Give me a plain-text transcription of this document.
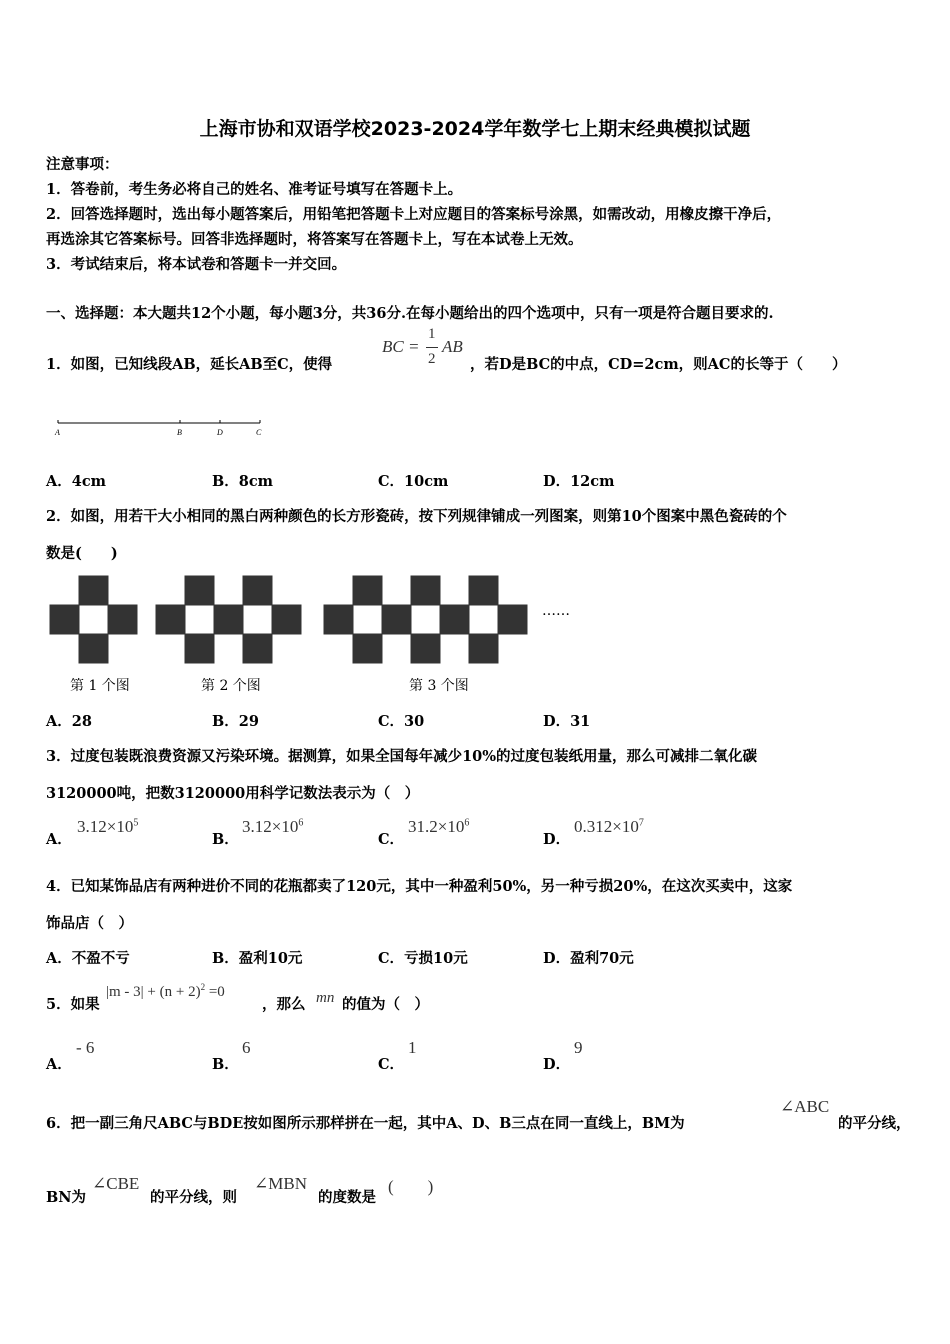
上海市协和双语学校2023-2024学年数学七上期末经典模拟试题
注意事项：
1．答卷前，考生务必将自己的姓名、准考证号填写在答题卡上。
2．回答选择题时，选出每小题答案后，用铅笔把答题卡上对应题目的答案标号涂黑，如需改动，用橡皮擦干净后，
再选涂其它答案标号。回答非选择题时，将答案写在答题卡上，写在本试卷上无效。
3．考试结束后，将本试卷和答题卡一并交回。
一、选择题：本大题共12个小题，每小题3分，共36分.在每小题给出的四个选项中，只有一项是符合题目要求的.
1．如图，已知线段AB，延长AB至C，使得
BC =
1
2
AB
，若D是BC的中点，CD=2cm，则AC的长等于（　　）
A	B	D	C
A．4cm	B．8cm	C．10cm	D．12cm
2．如图，用若干大小相同的黑白两种颜色的长方形瓷砖，按下列规律铺成一列图案，则第10个图案中黑色瓷砖的个
数是(　　)
……
第 1 个图	第 2 个图	第 3 个图
A．28	B．29	C．30	D．31
3．过度包装既浪费资源又污染环境。据测算，如果全国每年减少10%的过度包装纸用量，那么可减排二氧化碳
3120000吨，把数3120000用科学记数法表示为（　）
A．
$3.12\times 10^5$
B．
$3.12\times 10^6$
C．
$31.2\times 10^6$
D．
$0.312\times 10^7$
4．已知某饰品店有两种进价不同的花瓶都卖了120元，其中一种盈利50%，另一种亏损20%，在这次买卖中，这家
饰品店（　）
A．不盈不亏	B．盈利10元	C．亏损10元	D．盈利70元
5．如果
$|m - 3| + (n + 2)^2 =0$
，那么 mn 的值为（　）
A．
- 6
B．
6
C．
1
D．
9
6．把一副三角尺ABC与BDE按如图所示那样拼在一起，其中A、D、B三点在同一直线上，BM为
∠ABC
的平分线，
BN为
∠CBE
的平分线，则
∠MBN
的度数是
(　　)
